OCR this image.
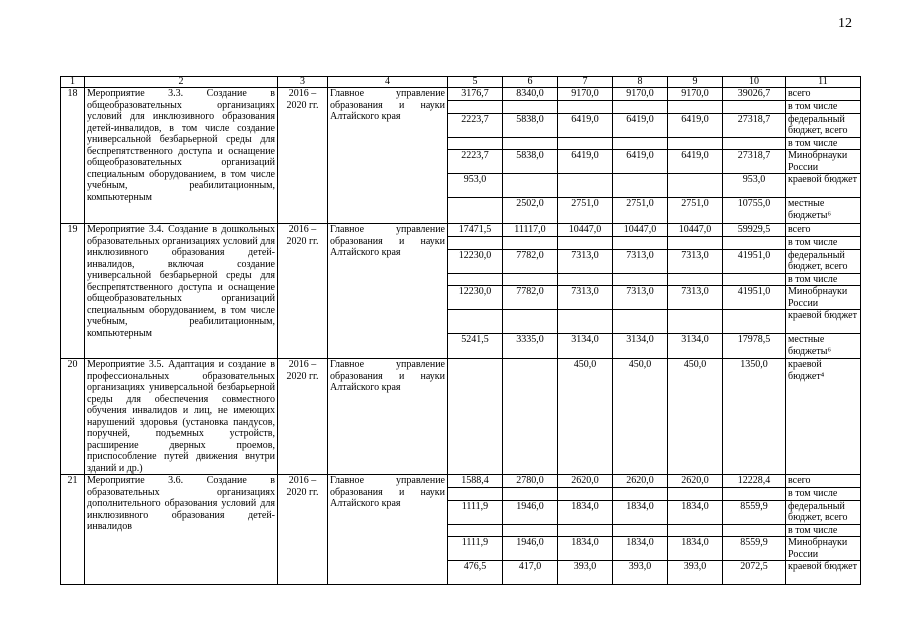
12
1	2	3	4	5	6	7	8	9	10	11
18	Мероприятие 3.3. Создание в общеобразовательных организациях условий для инклюзивного образования детей-инвалидов, в том числе создание универсальной безбарьерной среды для беспрепятственного доступа и оснащение общеобразовательных организаций специальным оборудованием, в том числе учебным, реабилитационным, компьютерным	2016 – 2020 гг.	Главное управление образования и науки Алтайского края	3176,7	8340,0	9170,0	9170,0	9170,0	39026,7	всего
										в том числе
				2223,7	5838,0	6419,0	6419,0	6419,0	27318,7	федеральный бюджет, всего
										в том числе
				2223,7	5838,0	6419,0	6419,0	6419,0	27318,7	Минобрнауки России
				953,0					953,0	краевой бюджет
					2502,0	2751,0	2751,0	2751,0	10755,0	местные бюджеты⁶
19	Мероприятие 3.4. Создание в дошкольных образовательных организациях условий для инклюзивного образования детей-инвалидов, включая создание универсальной безбарьерной среды для беспрепятственного доступа и оснащение общеобразовательных организаций специальным оборудованием, в том числе учебным, реабилитационным, компьютерным	2016 – 2020 гг.	Главное управление образования и науки Алтайского края	17471,5	11117,0	10447,0	10447,0	10447,0	59929,5	всего
										в том числе
				12230,0	7782,0	7313,0	7313,0	7313,0	41951,0	федеральный бюджет, всего
										в том числе
				12230,0	7782,0	7313,0	7313,0	7313,0	41951,0	Минобрнауки России
										краевой бюджет
				5241,5	3335,0	3134,0	3134,0	3134,0	17978,5	местные бюджеты⁶
20	Мероприятие 3.5. Адаптация и создание в профессиональных образовательных организациях универсальной безбарьерной среды для обеспечения совместного обучения инвалидов и лиц, не имеющих нарушений здоровья (установка пандусов, поручней, подъемных устройств, расширение дверных проемов, приспособление путей движения внутри зданий и др.)	2016 – 2020 гг.	Главное управление образования и науки Алтайского края			450,0	450,0	450,0	1350,0	краевой бюджет⁴
21	Мероприятие 3.6. Создание в образовательных организациях дополнительного образования условий для инклюзивного образования детей-инвалидов	2016 – 2020 гг.	Главное управление образования и науки Алтайского края	1588,4	2780,0	2620,0	2620,0	2620,0	12228,4	всего
										в том числе
				1111,9	1946,0	1834,0	1834,0	1834,0	8559,9	федеральный бюджет, всего
										в том числе
				1111,9	1946,0	1834,0	1834,0	1834,0	8559,9	Минобрнауки России
				476,5	417,0	393,0	393,0	393,0	2072,5	краевой бюджет
